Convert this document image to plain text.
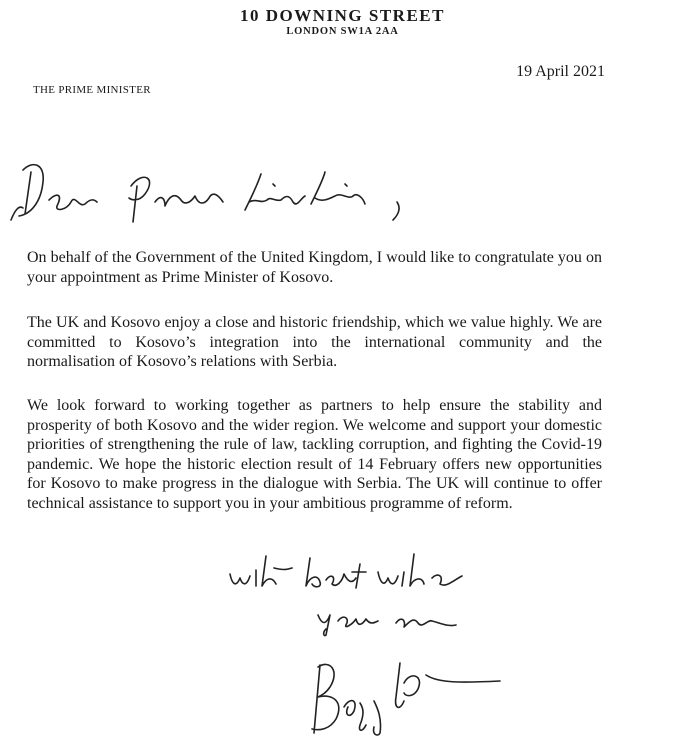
10 DOWNING STREET
LONDON SW1A 2AA
19 April 2021
THE PRIME MINISTER

On behalf of the Government of the United Kingdom, I would like to congratulate you on your appointment as Prime Minister of Kosovo.

The UK and Kosovo enjoy a close and historic friendship, which we value highly. We are committed to Kosovo’s integration into the international community and the normalisation of Kosovo’s relations with Serbia.

We look forward to working together as partners to help ensure the stability and prosperity of both Kosovo and the wider region. We welcome and support your domestic priorities of strengthening the rule of law, tackling corruption, and fighting the Covid-19 pandemic. We hope the historic election result of 14 February offers new opportunities for Kosovo to make progress in the dialogue with Serbia. The UK will continue to offer technical assistance to support you in your ambitious programme of reform.
